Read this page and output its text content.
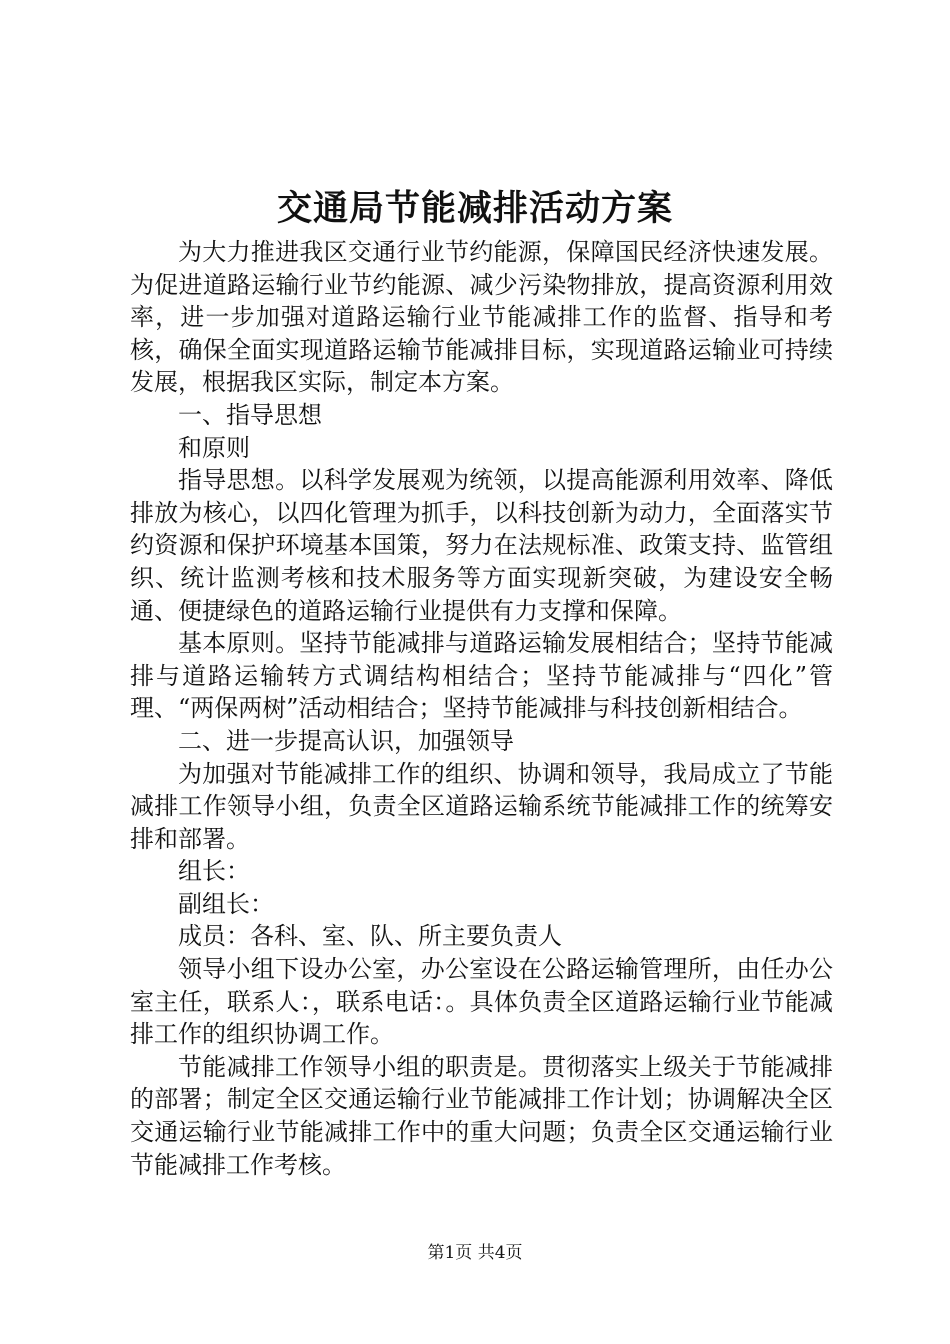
交通局节能减排活动方案

为大力推进我区交通行业节约能源，保障国民经济快速发展。为促进道路运输行业节约能源、减少污染物排放，提高资源利用效率，进一步加强对道路运输行业节能减排工作的监督、指导和考核，确保全面实现道路运输节能减排目标，实现道路运输业可持续发展，根据我区实际，制定本方案。

一、指导思想

和原则

指导思想。以科学发展观为统领，以提高能源利用效率、降低排放为核心，以四化管理为抓手，以科技创新为动力，全面落实节约资源和保护环境基本国策，努力在法规标准、政策支持、监管组织、统计监测考核和技术服务等方面实现新突破，为建设安全畅通、便捷绿色的道路运输行业提供有力支撑和保障。

基本原则。坚持节能减排与道路运输发展相结合；坚持节能减排与道路运输转方式调结构相结合；坚持节能减排与“四化”管理、“两保两树”活动相结合；坚持节能减排与科技创新相结合。

二、进一步提高认识，加强领导

为加强对节能减排工作的组织、协调和领导，我局成立了节能减排工作领导小组，负责全区道路运输系统节能减排工作的统筹安排和部署。

组长：

副组长：

成员：各科、室、队、所主要负责人

领导小组下设办公室，办公室设在公路运输管理所，由任办公室主任，联系人：，联系电话：。具体负责全区道路运输行业节能减排工作的组织协调工作。

节能减排工作领导小组的职责是。贯彻落实上级关于节能减排的部署；制定全区交通运输行业节能减排工作计划；协调解决全区交通运输行业节能减排工作中的重大问题；负责全区交通运输行业节能减排工作考核。

第1页 共4页
